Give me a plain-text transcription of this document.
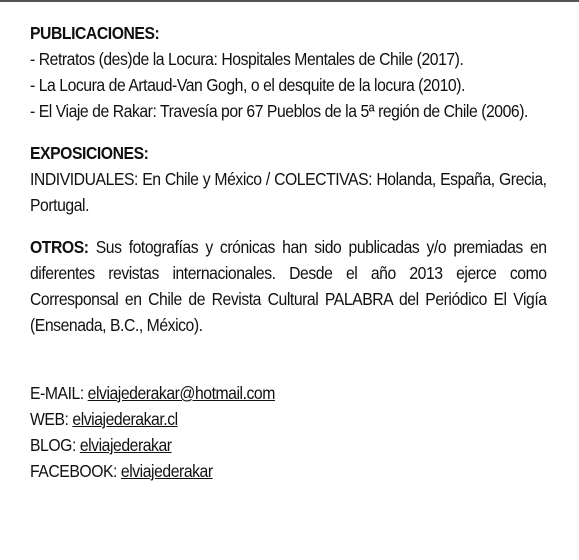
PUBLICACIONES:
- Retratos (des)de la Locura: Hospitales Mentales de Chile (2017).
- La Locura de Artaud-Van Gogh, o el desquite de la locura (2010).
- El Viaje de Rakar: Travesía por 67 Pueblos de la 5ª región de Chile (2006).
EXPOSICIONES:
INDIVIDUALES: En Chile y México / COLECTIVAS: Holanda, España, Grecia, Portugal.
OTROS: Sus fotografías y crónicas han sido publicadas y/o premiadas en diferentes revistas internacionales. Desde el año 2013 ejerce como Corresponsal en Chile de Revista Cultural PALABRA del Periódico El Vigía (Ensenada, B.C., México).
E-MAIL: elviajederakar@hotmail.com
WEB: elviajederakar.cl
BLOG: elviajederakar
FACEBOOK: elviajederakar
